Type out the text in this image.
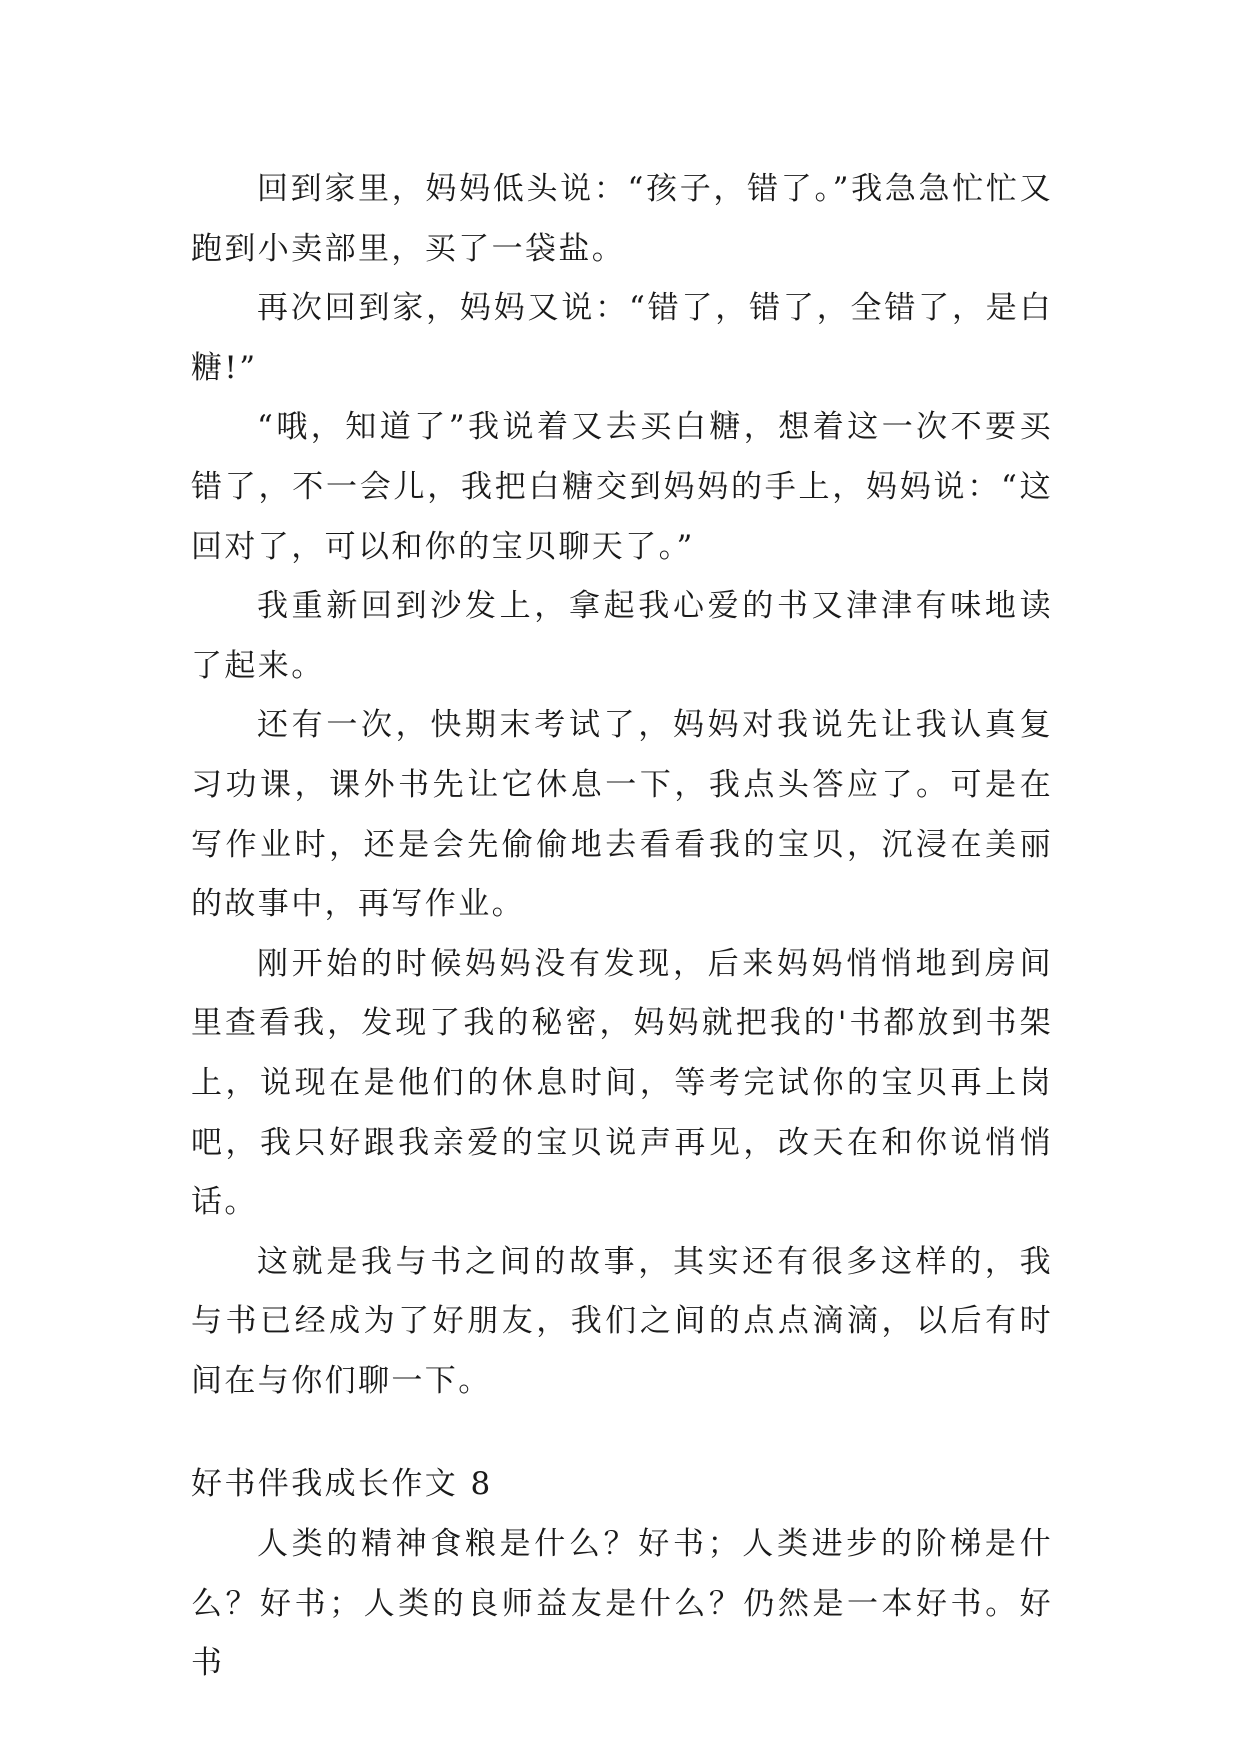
回到家里，妈妈低头说：“孩子，错了。”我急急忙忙又跑到小卖部里，买了一袋盐。

再次回到家，妈妈又说：“错了，错了，全错了，是白糖!”

“哦，知道了”我说着又去买白糖，想着这一次不要买错了，不一会儿，我把白糖交到妈妈的手上，妈妈说：“这回对了，可以和你的宝贝聊天了。”

我重新回到沙发上，拿起我心爱的书又津津有味地读了起来。

还有一次，快期末考试了，妈妈对我说先让我认真复习功课，课外书先让它休息一下，我点头答应了。可是在写作业时，还是会先偷偷地去看看我的宝贝，沉浸在美丽的故事中，再写作业。

刚开始的时候妈妈没有发现，后来妈妈悄悄地到房间里查看我，发现了我的秘密，妈妈就把我的'书都放到书架上，说现在是他们的休息时间，等考完试你的宝贝再上岗吧，我只好跟我亲爱的宝贝说声再见，改天在和你说悄悄话。

这就是我与书之间的故事，其实还有很多这样的，我与书已经成为了好朋友，我们之间的点点滴滴，以后有时间在与你们聊一下。

好书伴我成长作文 8

人类的精神食粮是什么？好书；人类进步的阶梯是什么？好书；人类的良师益友是什么？仍然是一本好书。好书
